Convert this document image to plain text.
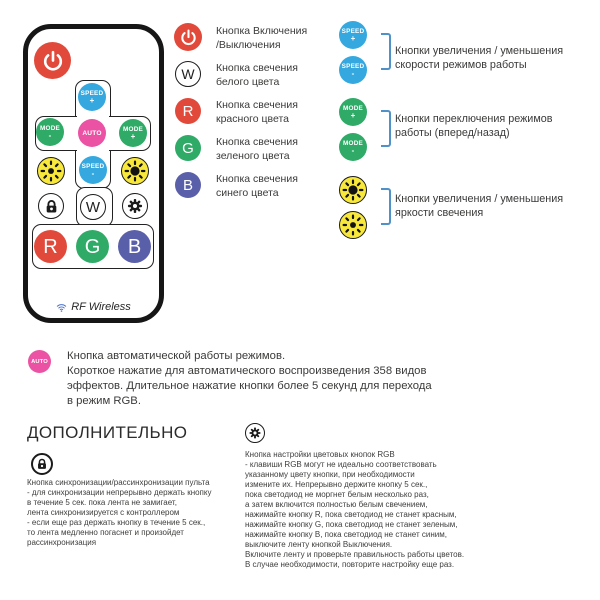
SPEED
+
MODE
-	AUTO	MODE
+
SPEED
-
W
R G B
RF Wireless
Кнопка Включения
/Выключения
W Кнопка свечения
белого цвета
R Кнопка свечения
красного цвета
G Кнопка свечения
зеленого цвета
B Кнопка свечения
синего цвета
SPEED
+
SPEED
-
Кнопки увеличения / уменьшения
скорости режимов работы
MODE
+
MODE
-
Кнопки переключения режимов
работы (вперед/назад)
Кнопки увеличения / уменьшения
яркости свечения
AUTO Кнопка автоматической работы режимов.
Короткое нажатие для автоматического воспроизведения 358 видов
эффектов. Длительное нажатие кнопки более 5 секунд для перехода
в режим RGB.
ДОПОЛНИТЕЛЬНО
Кнопка синхронизации/рассинхронизации пульта
- для синхронизации непрерывно держать кнопку
в течение 5 сек. пока лента не замигает,
лента синхронизируется с контроллером
- если еще раз держать кнопку в течение 5 сек.,
то лента медленно погаснет и произойдет
рассинхронизация
Кнопка настройки цветовых кнопок RGB
- клавиши RGB могут не идеально соответствовать
указанному цвету кнопки, при необходимости
измените их. Непрерывно держите кнопку 5 сек.,
пока светодиод не моргнет белым несколько раз,
а затем включится полностью белым свечением,
нажимайте кнопку R, пока светодиод не станет красным,
нажимайте кнопку G, пока светодиод не станет зеленым,
нажимайте кнопку B, пока светодиод не станет синим,
выключите ленту кнопкой Выключения.
Включите ленту и проверьте правильность работы цветов.
В случае необходимости, повторите настройку еще раз.
